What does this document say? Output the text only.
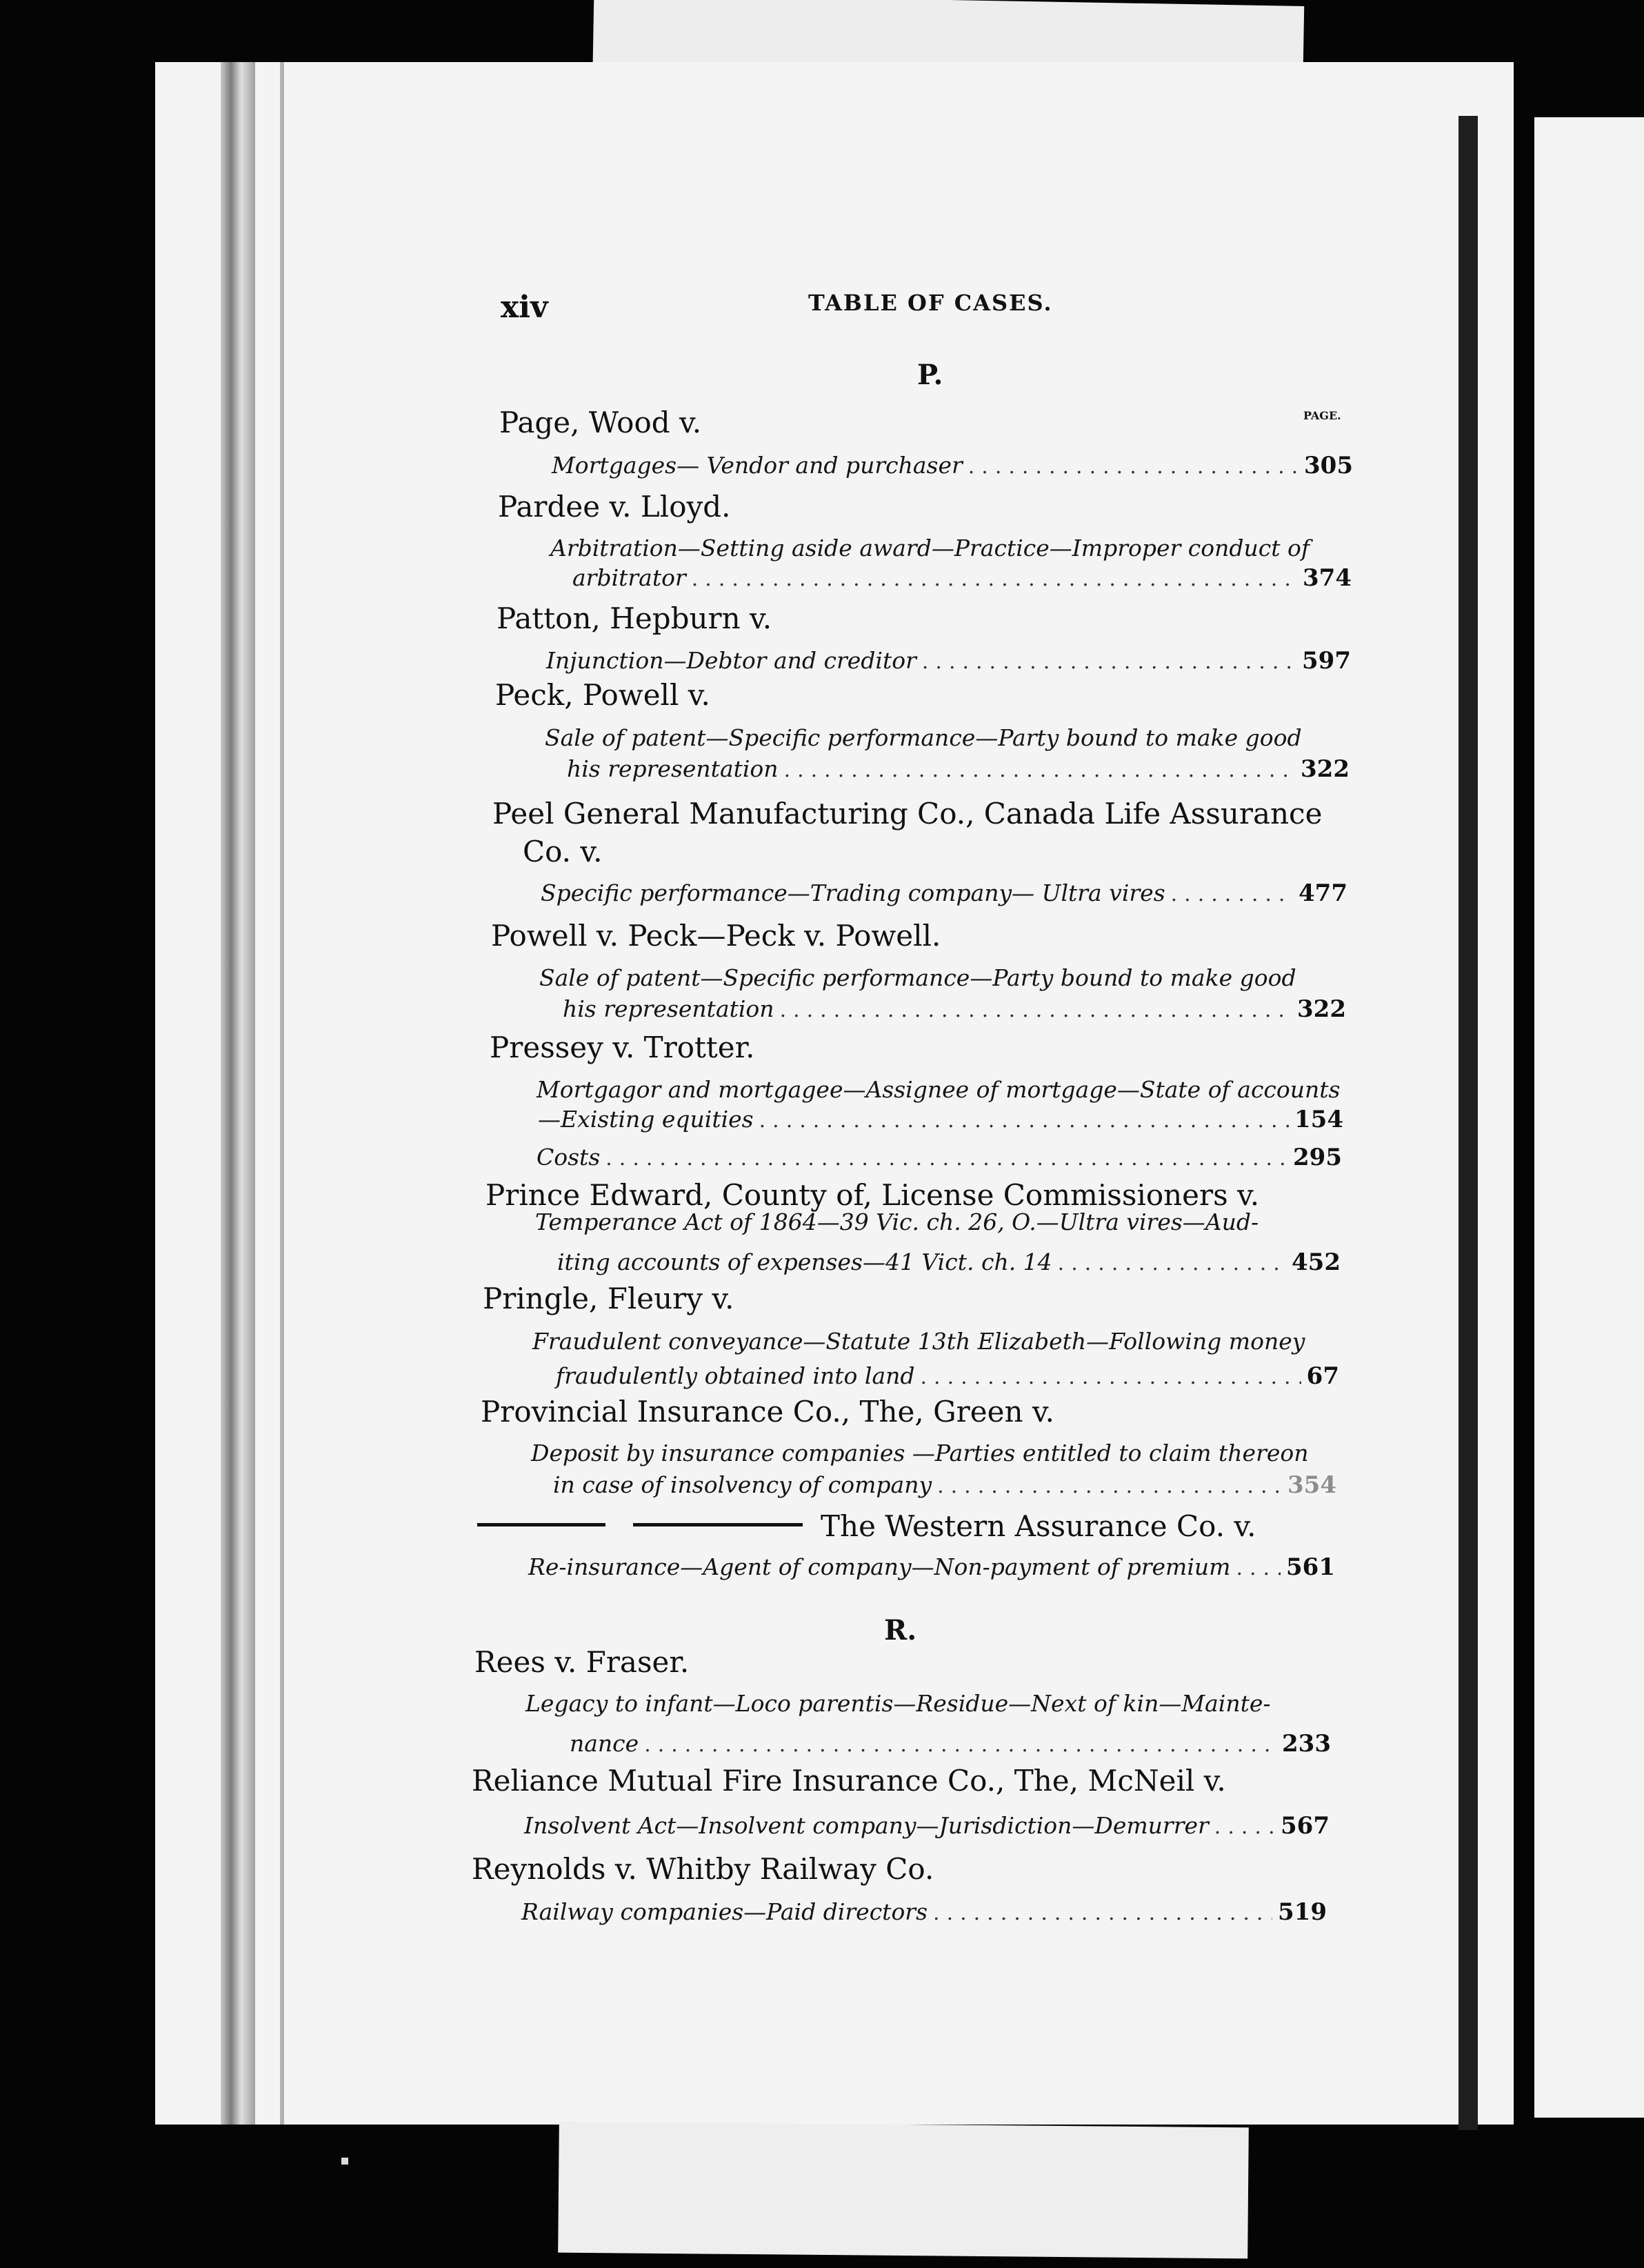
xiv	TABLE OF CASES.
PAGE.
P.
Page, Wood v.
Mortgages— Vendor and purchaser .....	305
Pardee v. Lloyd.
Arbitration—Setting aside award—Practice—Improper conduct of
arbitrator .....	374
Patton, Hepburn v.
Injunction—Debtor and creditor .....	597
Peck, Powell v.
Sale of patent—Specific performance—Party bound to make good
his representation .....	322
Peel General Manufacturing Co., Canada Life Assurance
Co. v.
Specific performance—Trading company— Ultra vires .....	477
Powell v. Peck—Peck v. Powell.
Sale of patent—Specific performance—Party bound to make good
his representation .....	322
Pressey v. Trotter.
Mortgagor and mortgagee—Assignee of mortgage—State of accounts
—Existing equities .....	154
Costs .....	295
Prince Edward, County of, License Commissioners v.
Temperance Act of 1864—39 Vic. ch. 26, O.—Ultra vires—Aud-
iting accounts of expenses—41 Vict. ch. 14 .....	452
Pringle, Fleury v.
Fraudulent conveyance—Statute 13th Elizabeth—Following money
fraudulently obtained into land .....	67
Provincial Insurance Co., The, Green v.
Deposit by insurance companies —Parties entitled to claim thereon
in case of insolvency of company .....	354
The Western Assurance Co. v.
Re-insurance—Agent of company—Non-payment of premium ..... 561
R.
Rees v. Fraser.
Legacy to infant—Loco parentis—Residue—Next of kin—Mainte-
nance .....	233
Reliance Mutual Fire Insurance Co., The, McNeil v.
Insolvent Act—Insolvent company—Jurisdiction—Demurrer .....	567
Reynolds v. Whitby Railway Co.
Railway companies—Paid directors .....	519
